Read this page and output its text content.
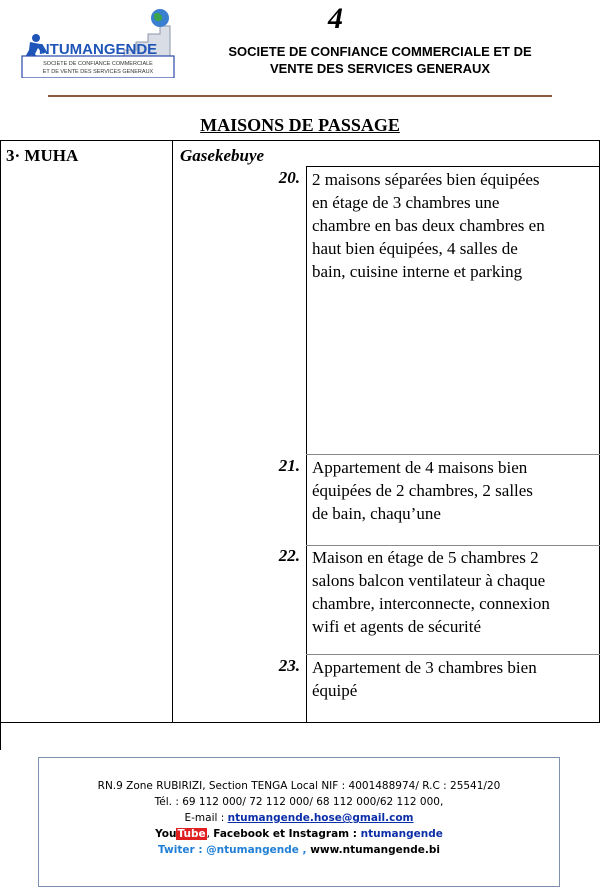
NTUMANGENDE
SOCIETE DE CONFIANCE COMMERCIALE
ET DE VENTE DES SERVICES GENERAUX
4
SOCIETE DE CONFIANCE COMMERCIALE ET DE
VENTE DES SERVICES GENERAUX
MAISONS DE PASSAGE
3· MUHA	Gasekebuye
20. 2 maisons séparées bien équipées
en étage de 3 chambres une
chambre en bas deux chambres en
haut bien équipées, 4 salles de
bain, cuisine interne et parking
21. Appartement de 4 maisons bien
équipées de 2 chambres, 2 salles
de bain, chaqu’une
22. Maison en étage de 5 chambres 2
salons balcon ventilateur à chaque
chambre, interconnecte, connexion
wifi et agents de sécurité
23. Appartement de 3 chambres bien
équipé
RN.9 Zone RUBIRIZI, Section TENGA Local NIF : 4001488974/ R.C : 25541/20
Tél. : 69 112 000/ 72 112 000/ 68 112 000/62 112 000,
E-mail : ntumangende.hose@gmail.com
YouTube, Facebook et Instagram : ntumangende
Twiter : @ntumangende , www.ntumangende.bi
